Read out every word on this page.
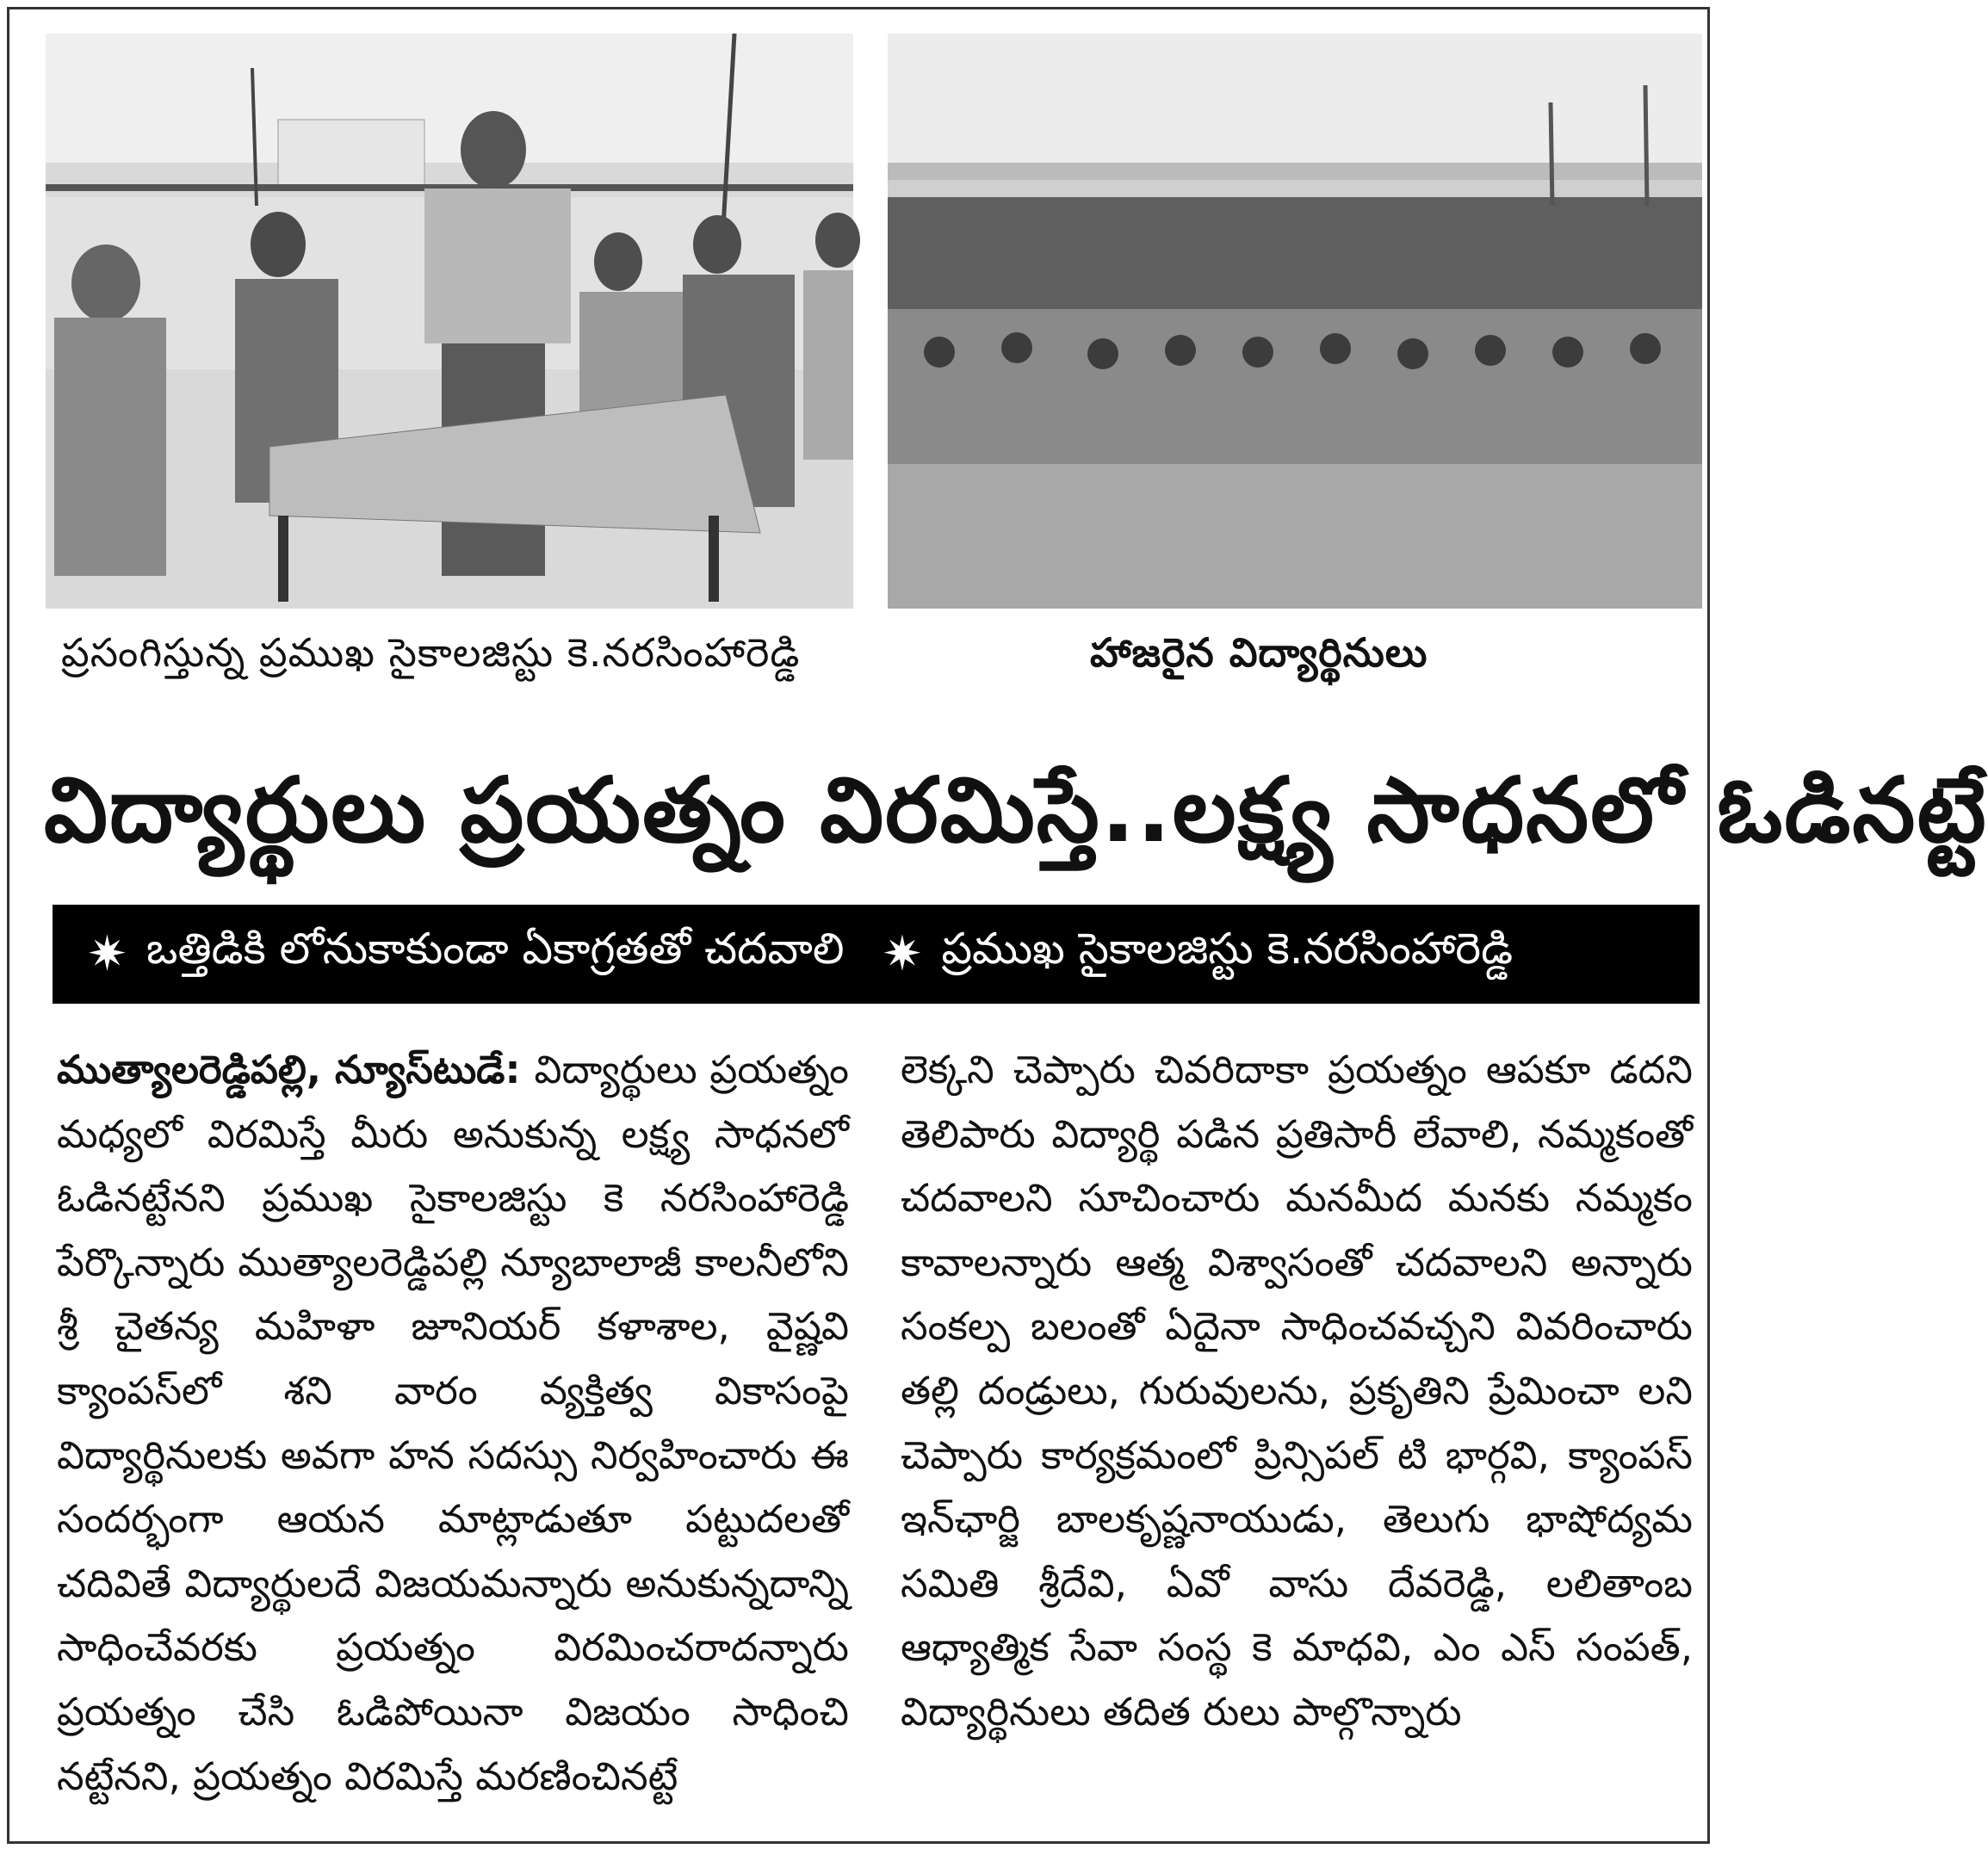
ప్రసంగిస్తున్న ప్రముఖ సైకాలజిస్టు కె.నరసింహారెడ్డి	హాజరైన విద్యార్థినులు
విద్యార్థులు ప్రయత్నం విరమిస్తే..లక్ష్య సాధనలో ఓడినట్టే
✷ ఒత్తిడికి లోనుకాకుండా ఏకాగ్రతతో చదవాలి ✷ ప్రముఖ సైకాలజిస్టు కె.నరసింహారెడ్డి
ముత్యాలరెడ్డిపల్లి, న్యూస్‌టుడే: విద్యార్థులు ప్రయత్నం మధ్యలో విరమిస్తే మీరు అనుకున్న లక్ష్య సాధనలో ఓడినట్టేనని ప్రముఖ సైకాలజిస్టు కె నరసింహారెడ్డి పేర్కొన్నారు ముత్యాలరెడ్డిపల్లి న్యూబాలాజీ కాలనీలోని శ్రీ చైతన్య మహిళా జూనియర్ కళాశాల, వైష్ణవి క్యాంపస్‌లో శని వారం వ్యక్తిత్వ వికాసంపై విద్యార్థినులకు అవగా హన సదస్సు నిర్వహించారు ఈ సందర్భంగా ఆయన మాట్లాడుతూ పట్టుదలతో చదివితే విద్యార్థులదే విజయమన్నారు అనుకున్నదాన్ని సాధించేవరకు ప్రయత్నం విరమించరాదన్నారు ప్రయత్నం చేసి ఓడిపోయినా విజయం సాధించి నట్టేనని, ప్రయత్నం విరమిస్తే మరణించినట్టే
లెక్కని చెప్పారు చివరిదాకా ప్రయత్నం ఆపకూ డదని తెలిపారు విద్యార్థి పడిన ప్రతిసారీ లేవాలి, నమ్మకంతో చదవాలని సూచించారు మనమీద మనకు నమ్మకం కావాలన్నారు ఆత్మ విశ్వాసంతో చదవాలని అన్నారు సంకల్ప బలంతో ఏదైనా సాధించవచ్చని వివరించారు తల్లి దండ్రులు, గురువులను, ప్రకృతిని ప్రేమించా లని చెప్పారు కార్యక్రమంలో ప్రిన్సిపల్ టి భార్గవి, క్యాంపస్ ఇన్‌ఛార్జి బాలకృష్ణనాయుడు, తెలుగు భాషోద్యమ సమితి శ్రీదేవి, ఏవో వాసు దేవరెడ్డి, లలితాంబ ఆధ్యాత్మిక సేవా సంస్థ కె మాధవి, ఎం ఎస్ సంపత్, విద్యార్థినులు తదిత రులు పాల్గొన్నారు
